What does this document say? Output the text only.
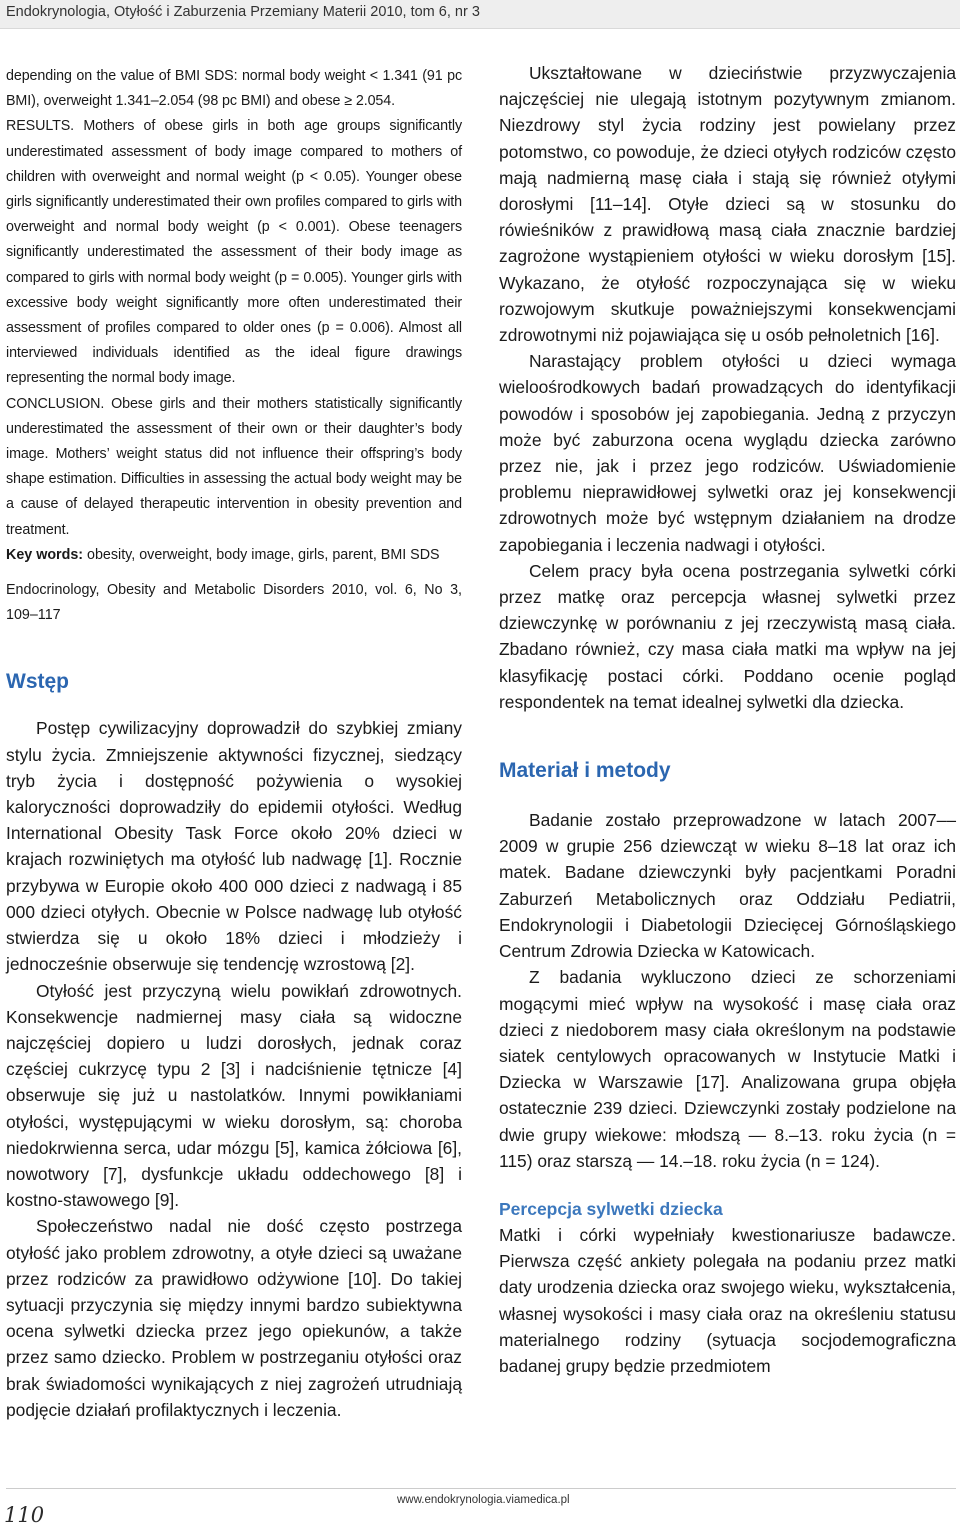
Endokrynologia, Otyłość i Zaburzenia Przemiany Materii 2010, tom 6, nr 3

depending on the value of BMI SDS: normal body weight < 1.341 (91 pc BMI), overweight 1.341–2.054 (98 pc BMI) and obese ≥ 2.054.

RESULTS. Mothers of obese girls in both age groups significantly underestimated assessment of body image compared to mothers of children with overweight and normal weight (p < 0.05). Younger obese girls significantly underestimated their own profiles compared to girls with overweight and normal body weight (p < 0.001). Obese teenagers significantly underestimated the assessment of their body image as compared to girls with normal body weight (p = 0.005). Younger girls with excessive body weight significantly more often underestimated their assessment of profiles compared to older ones (p = 0.006). Almost all interviewed individuals identified as the ideal figure drawings representing the normal body image.

CONCLUSION. Obese girls and their mothers statistically significantly underestimated the assessment of their own or their daughter’s body image. Mothers’ weight status did not influence their offspring’s body shape estimation. Difficulties in assessing the actual body weight may be a cause of delayed therapeutic intervention in obesity prevention and treatment.

Key words: obesity, overweight, body image, girls, parent, BMI SDS
Endocrinology, Obesity and Metabolic Disorders 2010, vol. 6, No 3, 109–117
Wstęp

Postęp cywilizacyjny doprowadził do szybkiej zmiany stylu życia. Zmniejszenie aktywności fizycznej, siedzący tryb życia i dostępność pożywienia o wysokiej kaloryczności doprowadziły do epidemii otyłości. Według International Obesity Task Force około 20% dzieci w krajach rozwiniętych ma otyłość lub nadwagę [1]. Rocznie przybywa w Europie około 400 000 dzieci z nadwagą i 85 000 dzieci otyłych. Obecnie w Polsce nadwagę lub otyłość stwierdza się u około 18% dzieci i młodzieży i jednocześnie obserwuje się tendencję wzrostową [2].

Otyłość jest przyczyną wielu powikłań zdrowotnych. Konsekwencje nadmiernej masy ciała są widoczne najczęściej dopiero u ludzi dorosłych, jednak coraz częściej cukrzycę typu 2 [3] i nadciśnienie tętnicze [4] obserwuje się już u nastolatków. Innymi powikłaniami otyłości, występującymi w wieku dorosłym, są: choroba niedokrwienna serca, udar mózgu [5], kamica żółciowa [6], nowotwory [7], dysfunkcje układu oddechowego [8] i kostno-stawowego [9].

Społeczeństwo nadal nie dość często postrzega otyłość jako problem zdrowotny, a otyłe dzieci są uważane przez rodziców za prawidłowo odżywione [10]. Do takiej sytuacji przyczynia się między innymi bardzo subiektywna ocena sylwetki dziecka przez jego opiekunów, a także przez samo dziecko. Problem w postrzeganiu otyłości oraz brak świadomości wynikających z niej zagrożeń utrudniają podjęcie działań profilaktycznych i leczenia.

Ukształtowane w dzieciństwie przyzwyczajenia najczęściej nie ulegają istotnym pozytywnym zmianom. Niezdrowy styl życia rodziny jest powielany przez potomstwo, co powoduje, że dzieci otyłych rodziców często mają nadmierną masę ciała i stają się również otyłymi dorosłymi [11–14]. Otyłe dzieci są w stosunku do rówieśników z prawidłową masą ciała znacznie bardziej zagrożone wystąpieniem otyłości w wieku dorosłym [15]. Wykazano, że otyłość rozpoczynająca się w wieku rozwojowym skutkuje poważniejszymi konsekwencjami zdrowotnymi niż pojawiająca się u osób pełnoletnich [16].

Narastający problem otyłości u dzieci wymaga wieloośrodkowych badań prowadzących do identyfikacji powodów i sposobów jej zapobiegania. Jedną z przyczyn może być zaburzona ocena wyglądu dziecka zarówno przez nie, jak i przez jego rodziców. Uświadomienie problemu nieprawidłowej sylwetki oraz jej konsekwencji zdrowotnych może być wstępnym działaniem na drodze zapobiegania i leczenia nadwagi i otyłości.

Celem pracy była ocena postrzegania sylwetki córki przez matkę oraz percepcja własnej sylwetki przez dziewczynkę w porównaniu z jej rzeczywistą masą ciała. Zbadano również, czy masa ciała matki ma wpływ na jej klasyfikację postaci córki. Poddano ocenie pogląd respondentek na temat idealnej sylwetki dla dziecka.

Materiał i metody

Badanie zostało przeprowadzone w latach 2007––2009 w grupie 256 dziewcząt w wieku 8–18 lat oraz ich matek. Badane dziewczynki były pacjentkami Poradni Zaburzeń Metabolicznych oraz Oddziału Pediatrii, Endokrynologii i Diabetologii Dziecięcej Górnośląskiego Centrum Zdrowia Dziecka w Katowicach.

Z badania wykluczono dzieci ze schorzeniami mogącymi mieć wpływ na wysokość i masę ciała oraz dzieci z niedoborem masy ciała określonym na podstawie siatek centylowych opracowanych w Instytucie Matki i Dziecka w Warszawie [17]. Analizowana grupa objęła ostatecznie 239 dzieci. Dziewczynki zostały podzielone na dwie grupy wiekowe: młodszą — 8.–13. roku życia (n = 115) oraz starszą — 14.–18. roku życia (n = 124).

Percepcja sylwetki dziecka

Matki i córki wypełniały kwestionariusze badawcze. Pierwsza część ankiety polegała na podaniu przez matki daty urodzenia dziecka oraz swojego wieku, wykształcenia, własnej wysokości i masy ciała oraz na określeniu statusu materialnego rodziny (sytuacja socjodemograficzna badanej grupy będzie przedmiotem

110
www.endokrynologia.viamedica.pl
